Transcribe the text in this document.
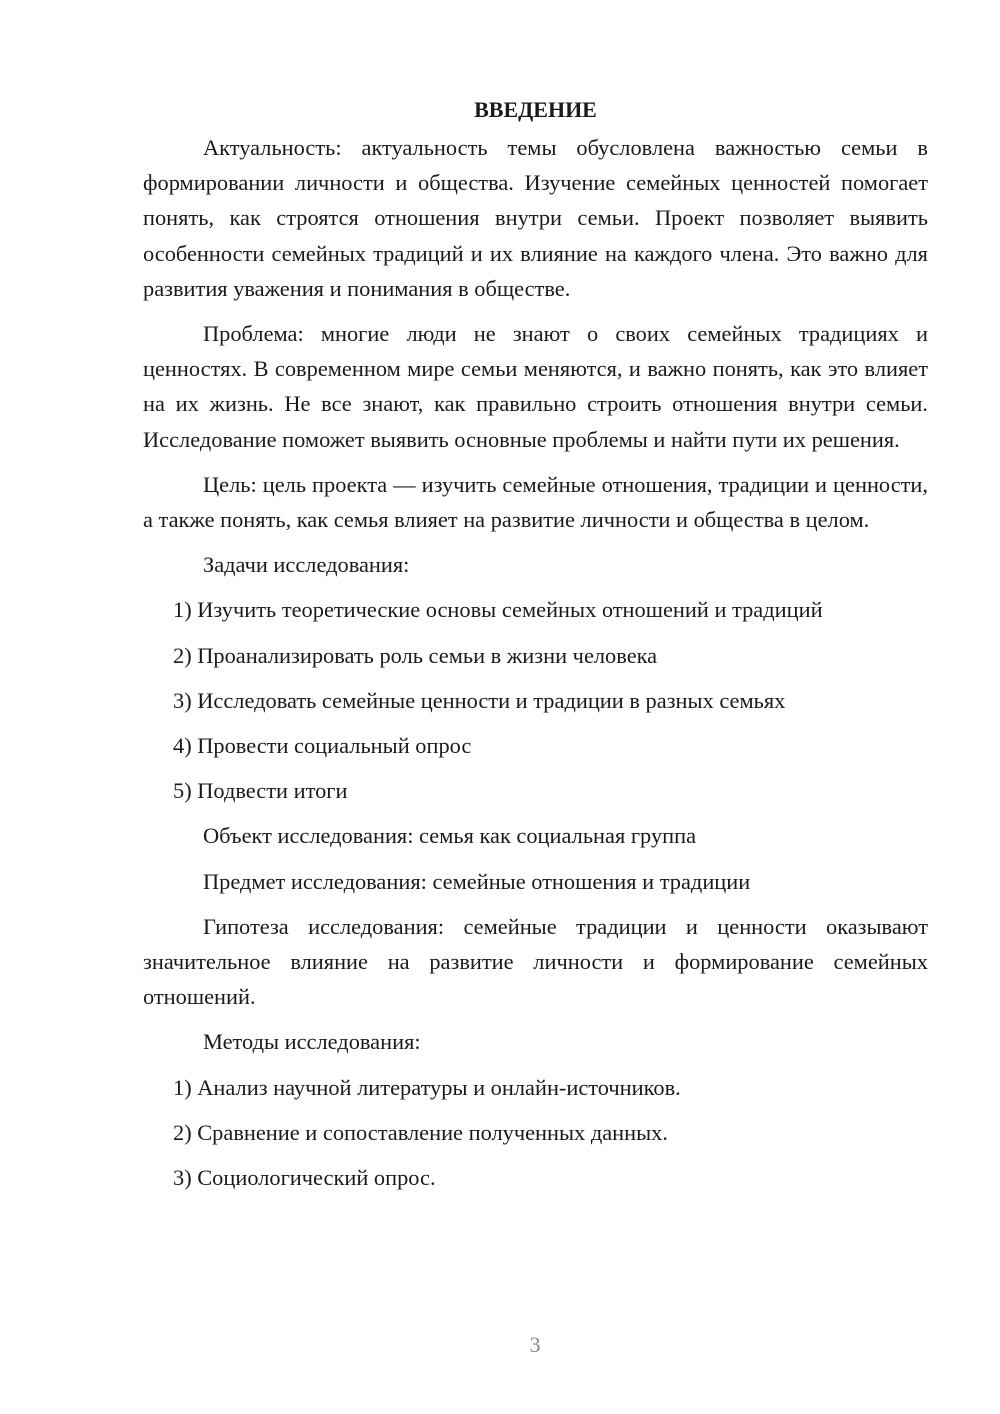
ВВЕДЕНИЕ

Актуальность: актуальность темы обусловлена важностью семьи в формировании личности и общества. Изучение семейных ценностей помогает понять, как строятся отношения внутри семьи. Проект позволяет выявить особенности семейных традиций и их влияние на каждого члена. Это важно для развития уважения и понимания в обществе.

Проблема: многие люди не знают о своих семейных традициях и ценностях. В современном мире семьи меняются, и важно понять, как это влияет на их жизнь. Не все знают, как правильно строить отношения внутри семьи. Исследование поможет выявить основные проблемы и найти пути их решения.

Цель: цель проекта — изучить семейные отношения, традиции и ценности, а также понять, как семья влияет на развитие личности и общества в целом.

Задачи исследования:
1) Изучить теоретические основы семейных отношений и традиций
2) Проанализировать роль семьи в жизни человека
3) Исследовать семейные ценности и традиции в разных семьях
4) Провести социальный опрос
5) Подвести итоги
Объект исследования: семья как социальная группа
Предмет исследования: семейные отношения и традиции

Гипотеза исследования: семейные традиции и ценности оказывают значительное влияние на развитие личности и формирование семейных отношений.

Методы исследования:
1) Анализ научной литературы и онлайн-источников.
2) Сравнение и сопоставление полученных данных.
3) Социологический опрос.
3
